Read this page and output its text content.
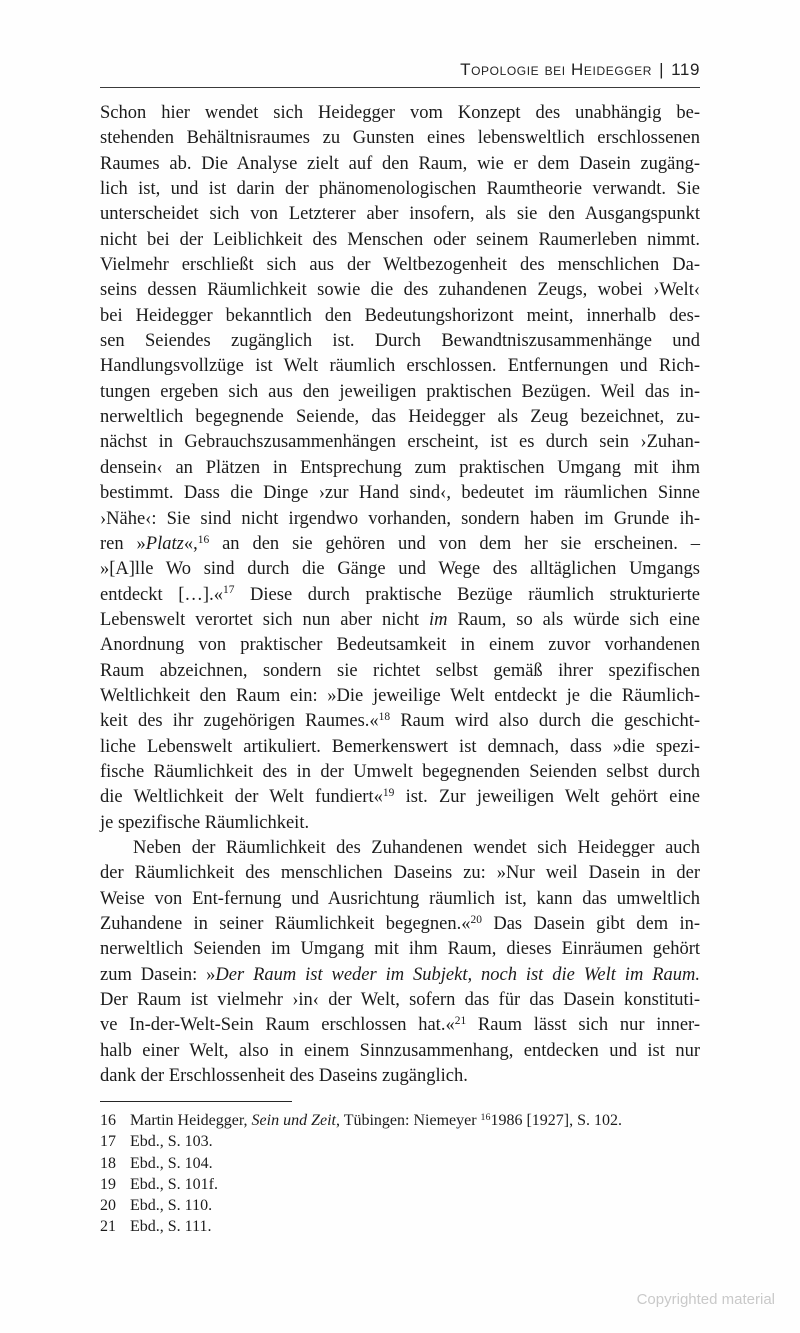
Topologie bei Heidegger | 119
Schon hier wendet sich Heidegger vom Konzept des unabhängig be-
stehenden Behältnisraumes zu Gunsten eines lebensweltlich erschlossenen
Raumes ab. Die Analyse zielt auf den Raum, wie er dem Dasein zugäng-
lich ist, und ist darin der phänomenologischen Raumtheorie verwandt. Sie
unterscheidet sich von Letzterer aber insofern, als sie den Ausgangspunkt
nicht bei der Leiblichkeit des Menschen oder seinem Raumerleben nimmt.
Vielmehr erschließt sich aus der Weltbezogenheit des menschlichen Da-
seins dessen Räumlichkeit sowie die des zuhandenen Zeugs, wobei ›Welt‹
bei Heidegger bekanntlich den Bedeutungshorizont meint, innerhalb des-
sen Seiendes zugänglich ist. Durch Bewandtniszusammenhänge und
Handlungsvollzüge ist Welt räumlich erschlossen. Entfernungen und Rich-
tungen ergeben sich aus den jeweiligen praktischen Bezügen. Weil das in-
nerweltlich begegnende Seiende, das Heidegger als Zeug bezeichnet, zu-
nächst in Gebrauchszusammenhängen erscheint, ist es durch sein ›Zuhan-
densein‹ an Plätzen in Entsprechung zum praktischen Umgang mit ihm
bestimmt. Dass die Dinge ›zur Hand sind‹, bedeutet im räumlichen Sinne
›Nähe‹: Sie sind nicht irgendwo vorhanden, sondern haben im Grunde ih-
ren »Platz«,$^{16}$ an den sie gehören und von dem her sie erscheinen. –
»[A]lle Wo sind durch die Gänge und Wege des alltäglichen Umgangs
entdeckt […].«$^{17}$ Diese durch praktische Bezüge räumlich strukturierte
Lebenswelt verortet sich nun aber nicht im Raum, so als würde sich eine
Anordnung von praktischer Bedeutsamkeit in einem zuvor vorhandenen
Raum abzeichnen, sondern sie richtet selbst gemäß ihrer spezifischen
Weltlichkeit den Raum ein: »Die jeweilige Welt entdeckt je die Räumlich-
keit des ihr zugehörigen Raumes.«$^{18}$ Raum wird also durch die geschicht-
liche Lebenswelt artikuliert. Bemerkenswert ist demnach, dass »die spezi-
fische Räumlichkeit des in der Umwelt begegnenden Seienden selbst durch
die Weltlichkeit der Welt fundiert«$^{19}$ ist. Zur jeweiligen Welt gehört eine
je spezifische Räumlichkeit.
Neben der Räumlichkeit des Zuhandenen wendet sich Heidegger auch
der Räumlichkeit des menschlichen Daseins zu: »Nur weil Dasein in der
Weise von Ent-fernung und Ausrichtung räumlich ist, kann das umweltlich
Zuhandene in seiner Räumlichkeit begegnen.«$^{20}$ Das Dasein gibt dem in-
nerweltlich Seienden im Umgang mit ihm Raum, dieses Einräumen gehört
zum Dasein: »Der Raum ist weder im Subjekt, noch ist die Welt im Raum.
Der Raum ist vielmehr ›in‹ der Welt, sofern das für das Dasein konstituti-
ve In-der-Welt-Sein Raum erschlossen hat.«$^{21}$ Raum lässt sich nur inner-
halb einer Welt, also in einem Sinnzusammenhang, entdecken und ist nur
dank der Erschlossenheit des Daseins zugänglich.
16 Martin Heidegger, Sein und Zeit, Tübingen: Niemeyer $^{16}$1986 [1927], S. 102.
17 Ebd., S. 103.
18 Ebd., S. 104.
19 Ebd., S. 101f.
20 Ebd., S. 110.
21 Ebd., S. 111.
Copyrighted material
